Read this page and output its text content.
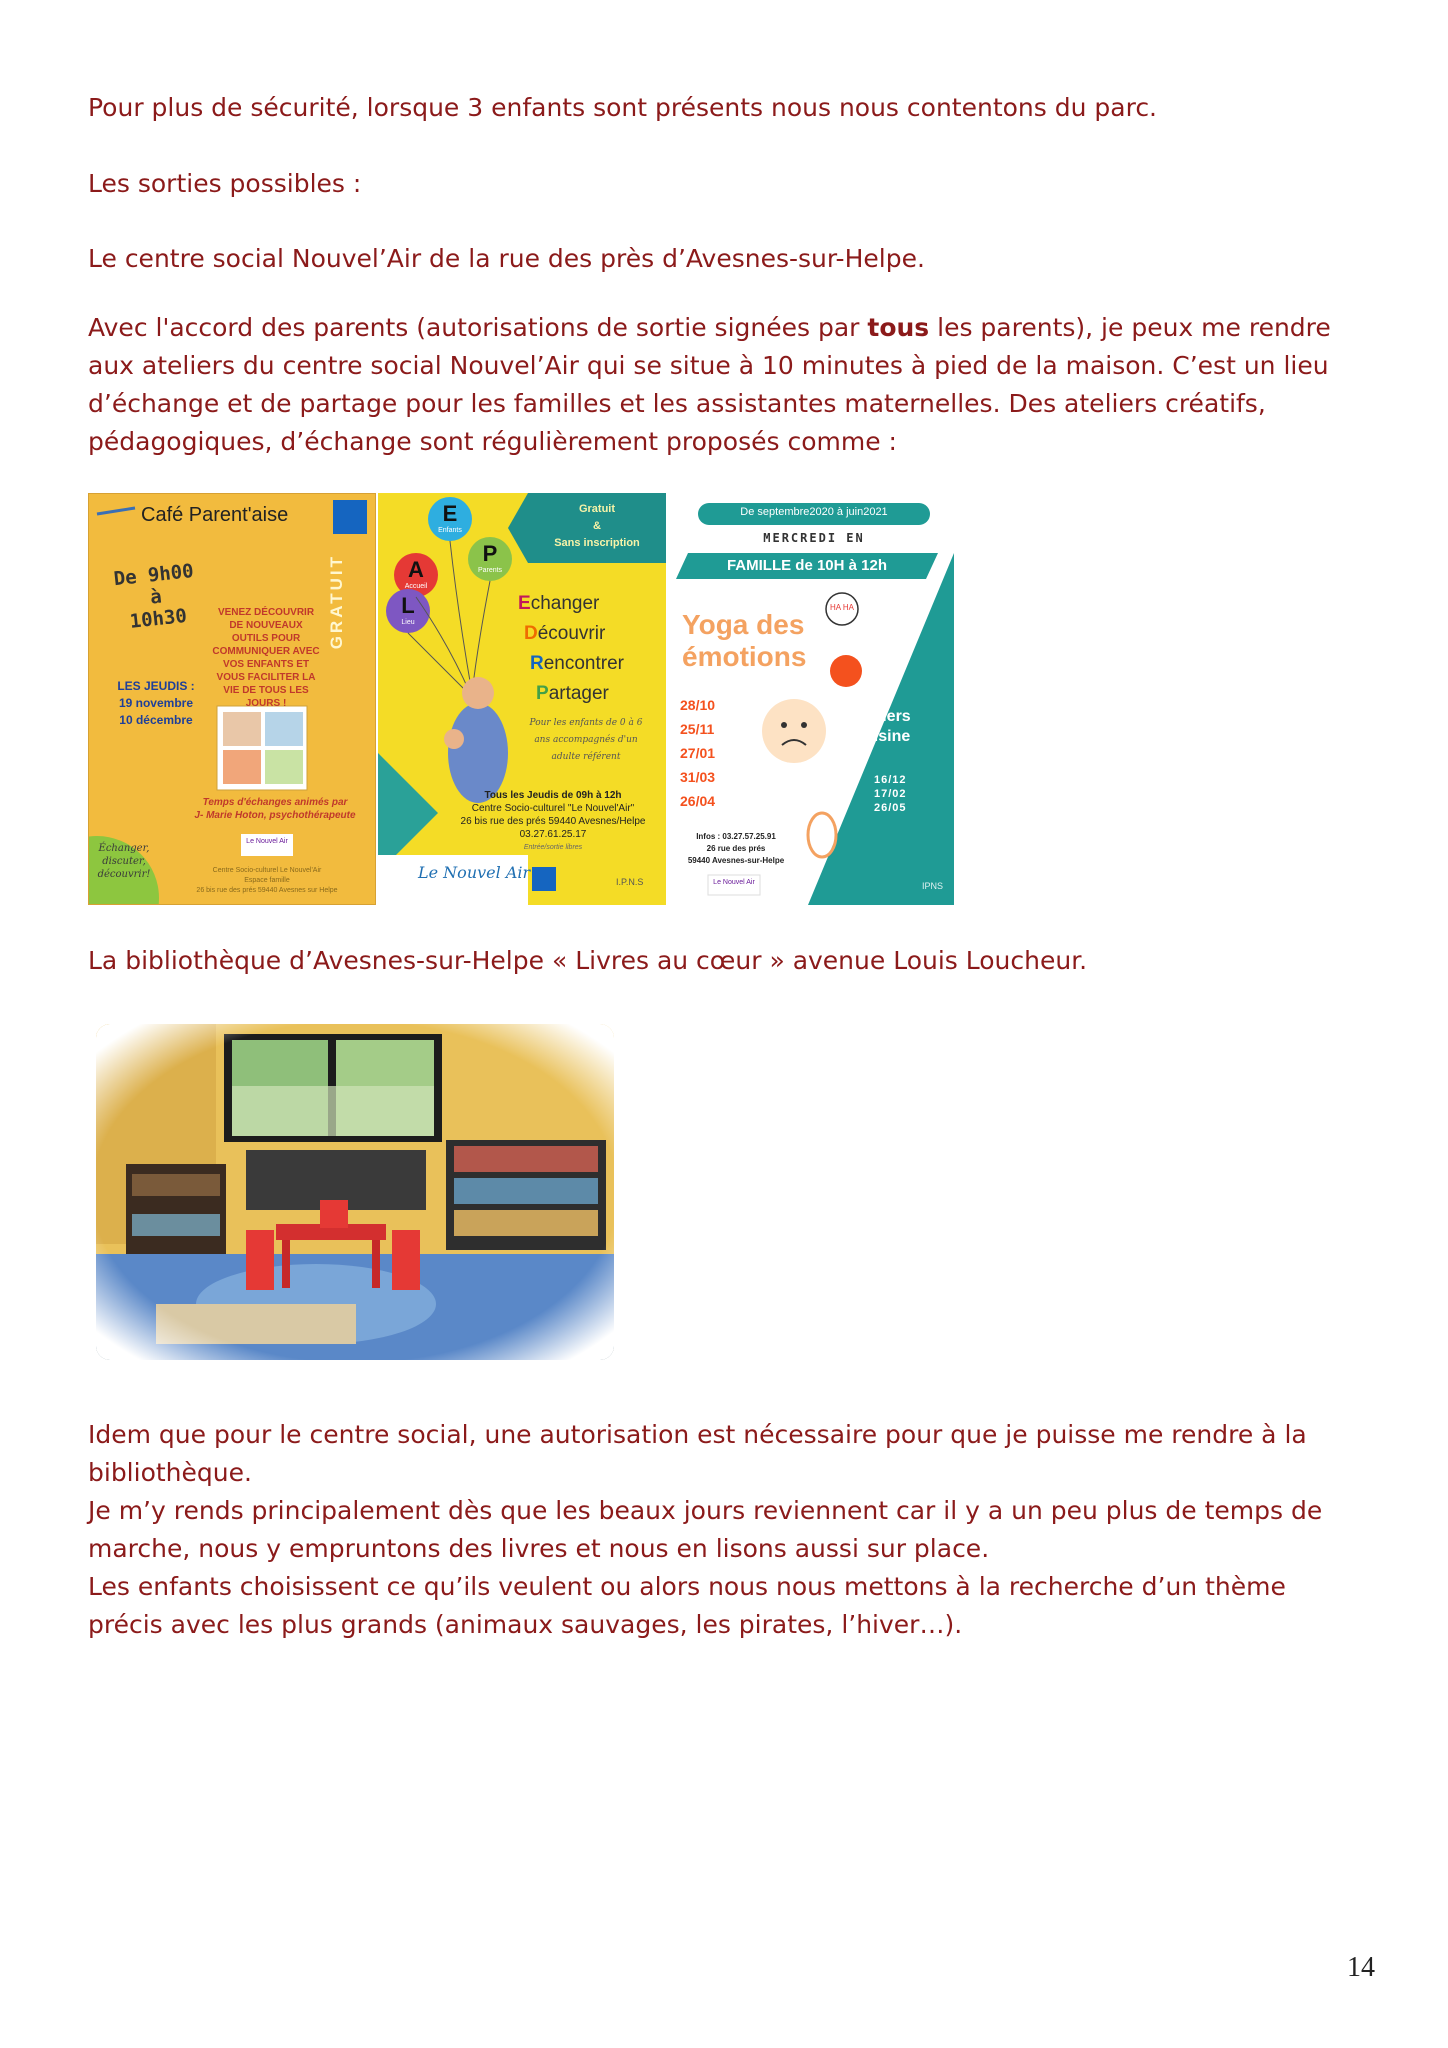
Pour plus de sécurité, lorsque 3 enfants sont présents nous nous contentons du parc.

Les sorties possibles :

Le centre social Nouvel’Air de la rue des près d’Avesnes-sur-Helpe.

Avec l'accord des parents (autorisations de sortie signées par tous les parents), je peux me rendre aux ateliers du centre social Nouvel’Air qui se situe à 10 minutes à pied de la maison. C’est un lieu d’échange et de partage pour les familles et les assistantes maternelles. Des ateliers créatifs, pédagogiques, d’échange sont régulièrement proposés comme :

Café Parent'aise
De 9h00
à
10h30	GRATUIT
VENEZ DÉCOUVRIR DE NOUVEAUX OUTILS POUR COMMUNIQUER AVEC VOS ENFANTS ET VOUS FACILITER LA VIE DE TOUS LES JOURS !
LES JEUDIS :
19 novembre
10 décembre
Temps d'échanges animés par
J- Marie Hoton, psychothérapeute
Le Nouvel Air
Échanger, discuter, découvrir!	Centre Socio-culturel Le Nouvel'Air
Espace famille
26 bis rue des prés 59440 Avesnes sur Helpe
Gratuit
&
Sans inscription
E
Enfants
A
Accueil
P
Parents
L
Lieu
Echanger
Découvrir
Rencontrer
Partager
Pour les enfants de 0 à 6 ans accompagnés d'un adulte référent
Tous les Jeudis de 09h à 12h
Centre Socio-culturel "Le Nouvel'Air"
26 bis rue des prés 59440 Avesnes/Helpe
03.27.61.25.17
Entrée/sortie libres
Le Nouvel Air	I.P.N.S
De septembre2020 à juin2021
MERCREDI EN
FAMILLE de 10H à 12h
Yoga des
émotions
HA HA
28/10
25/11
27/01
31/03
26/04
Ateliers
Cuisine
16/12
17/02
26/05
Infos : 03.27.57.25.91
26 rue des prés
59440 Avesnes-sur-Helpe
Le Nouvel Air	IPNS

La bibliothèque d’Avesnes-sur-Helpe « Livres au cœur » avenue Louis Loucheur.

Idem que pour le centre social, une autorisation est nécessaire pour que je puisse me rendre à la bibliothèque.

Je m’y rends principalement dès que les beaux jours reviennent car il y a un peu plus de temps de marche, nous y empruntons des livres et nous en lisons aussi sur place.

Les enfants choisissent ce qu’ils veulent ou alors nous nous mettons à la recherche d’un thème précis avec les plus grands (animaux sauvages, les pirates, l’hiver…).

14
